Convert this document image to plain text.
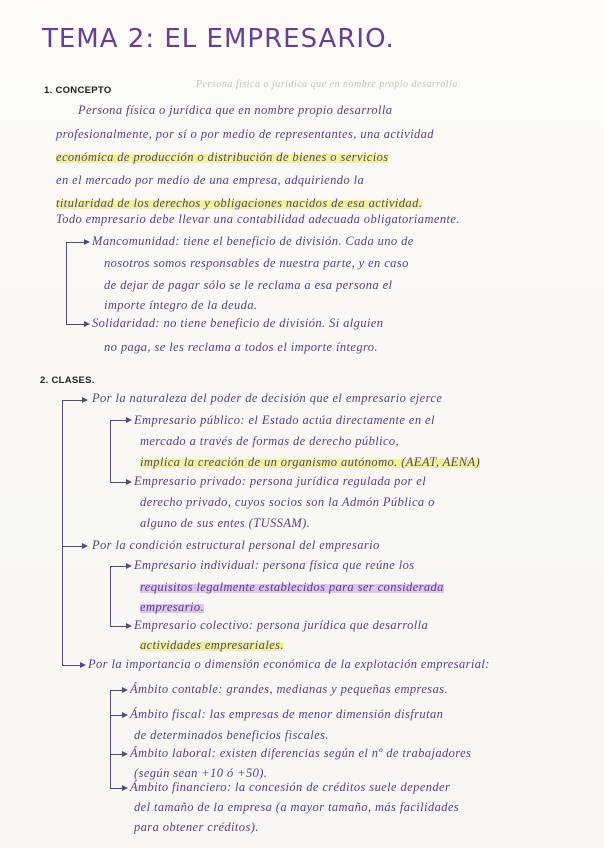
TEMA 2: EL EMPRESARIO.
1. CONCEPTO
Persona física o jurídica que en nombre propio desarrolla
Persona física o jurídica que en nombre propio desarrolla
profesionalmente, por sí o por medio de representantes, una actividad
económica de producción o distribución de bienes o servicios
en el mercado por medio de una empresa, adquiriendo la
titularidad de los derechos y obligaciones nacidos de esa actividad.
Todo empresario debe llevar una contabilidad adecuada obligatoriamente.
Mancomunidad: tiene el beneficio de división. Cada uno de
nosotros somos responsables de nuestra parte, y en caso
de dejar de pagar sólo se le reclama a esa persona el
importe íntegro de la deuda.
Solidaridad: no tiene beneficio de división. Si alguien
no paga, se les reclama a todos el importe íntegro.
2. CLASES.
Por la naturaleza del poder de decisión que el empresario ejerce
Empresario público: el Estado actúa directamente en el
mercado a través de formas de derecho público,
implica la creación de un organismo autónomo. (AEAT, AENA)
Empresario privado: persona jurídica regulada por el
derecho privado, cuyos socios son la Admón Pública o
alguno de sus entes (TUSSAM).
Por la condición estructural personal del empresario
Empresario individual: persona física que reúne los
requisitos legalmente establecidos para ser considerada
empresario.
Empresario colectivo: persona jurídica que desarrolla
actividades empresariales.
Por la importancia o dimensión económica de la explotación empresarial:
Ámbito contable: grandes, medianas y pequeñas empresas.
Ámbito fiscal: las empresas de menor dimensión disfrutan
de determinados beneficios fiscales.
Ámbito laboral: existen diferencias según el nº de trabajadores
(según sean +10 ó +50).
Ámbito financiero: la concesión de créditos suele depender
del tamaño de la empresa (a mayor tamaño, más facilidades
para obtener créditos).
